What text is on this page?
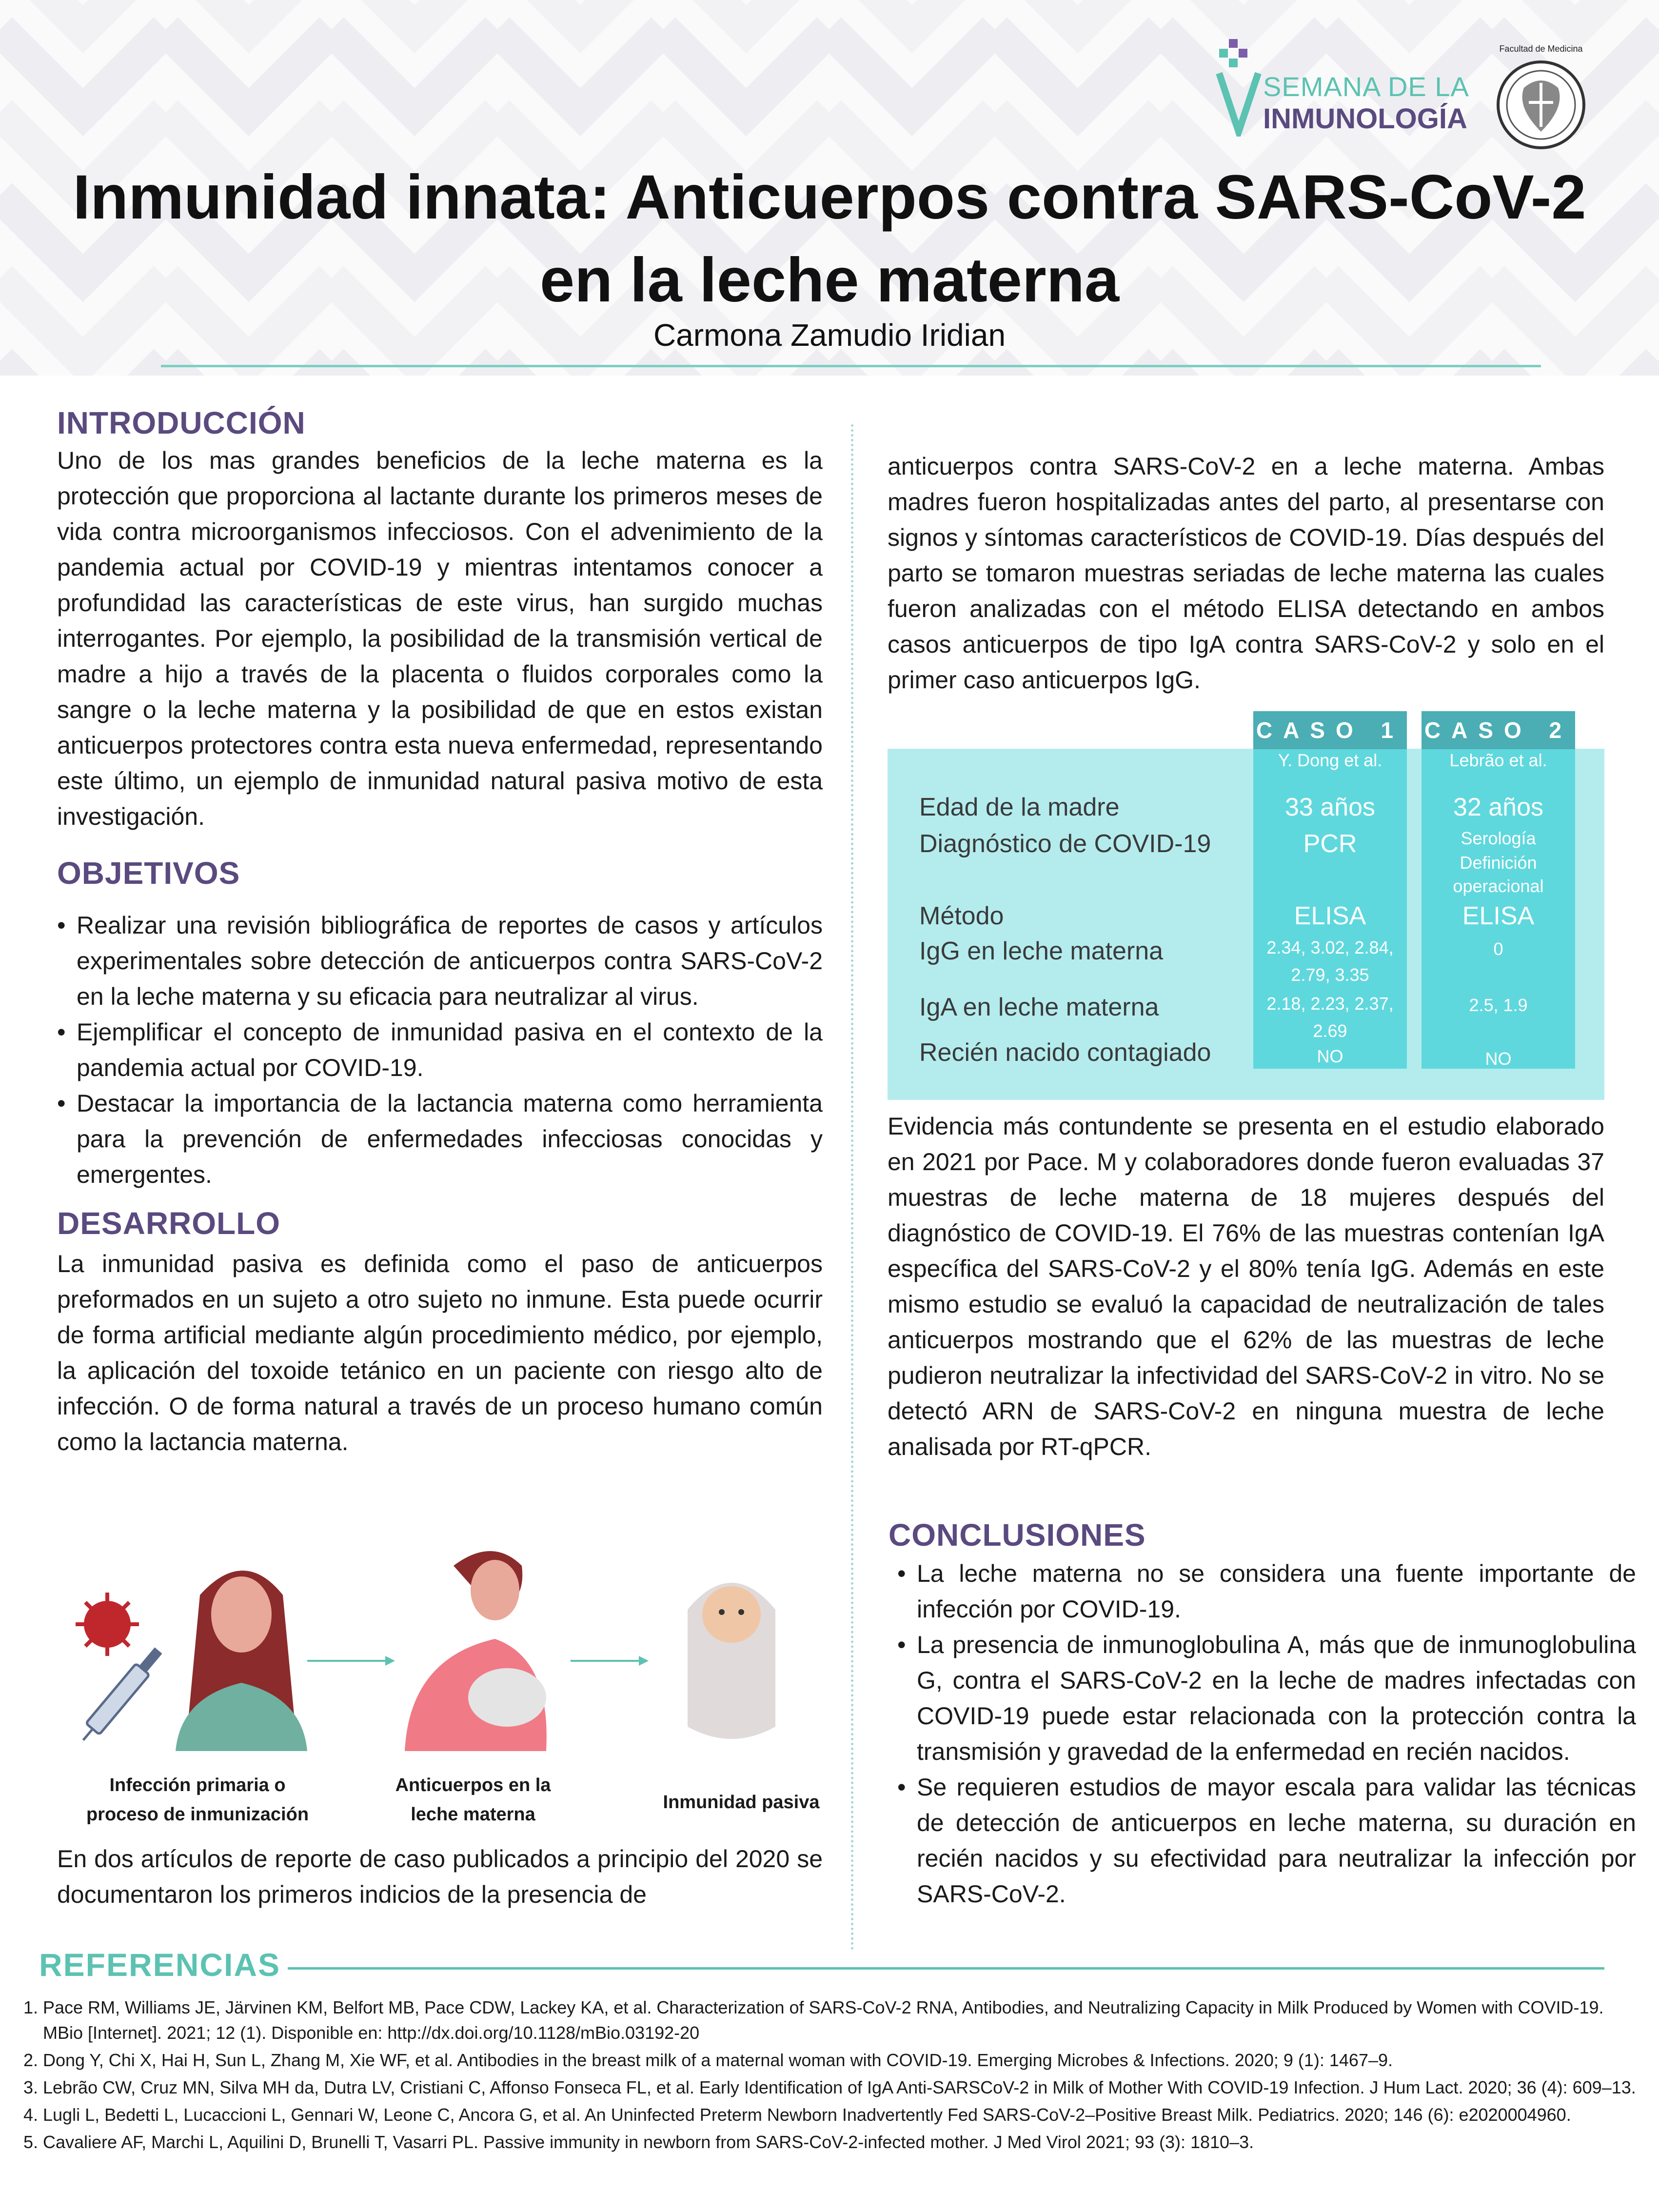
SEMANA DE LA
INMUNOLOGÍA
Facultad de Medicina
Inmunidad innata: Anticuerpos contra SARS-CoV-2
en la leche materna
Carmona Zamudio Iridian
INTRODUCCIÓN
Uno de los mas grandes beneficios de la leche materna es la protección que proporciona al lactante durante los primeros meses de vida contra microorganismos infecciosos. Con el advenimiento de la pandemia actual por COVID-19 y mientras intentamos conocer a profundidad las características de este virus, han surgido muchas interrogantes. Por ejemplo, la posibilidad de la transmisión vertical de madre a hijo a través de la placenta o fluidos corporales como la sangre o la leche materna y la posibilidad de que en estos existan anticuerpos protectores contra esta nueva enfermedad, representando este último, un ejemplo de inmunidad natural pasiva motivo de esta investigación.
OBJETIVOS
• Realizar una revisión bibliográfica de reportes de casos y artículos experimentales sobre detección de anticuerpos contra SARS-CoV-2 en la leche materna y su eficacia para neutralizar al virus.
• Ejemplificar el concepto de inmunidad pasiva en el contexto de la pandemia actual por COVID-19.
• Destacar la importancia de la lactancia materna como herramienta para la prevención de enfermedades infecciosas conocidas y emergentes.
DESARROLLO
La inmunidad pasiva es definida como el paso de anticuerpos preformados en un sujeto a otro sujeto no inmune. Esta puede ocurrir de forma artificial mediante algún procedimiento médico, por ejemplo, la aplicación del toxoide tetánico en un paciente con riesgo alto de infección. O de forma natural a través de un proceso humano común como la lactancia materna.
Infección primaria o proceso de inmunización
Anticuerpos en la leche materna
Inmunidad pasiva
En dos artículos de reporte de caso publicados a principio del 2020 se documentaron los primeros indicios de la presencia de
anticuerpos contra SARS-CoV-2 en a leche materna. Ambas madres fueron hospitalizadas antes del parto, al presentarse con signos y síntomas característicos de COVID-19. Días después del parto se tomaron muestras seriadas de leche materna las cuales fueron analizadas con el método ELISA detectando en ambos casos anticuerpos de tipo IgA contra SARS-CoV-2 y solo en el primer caso anticuerpos IgG.
CASO 1 CASO 2
Y. Dong et al.	Lebrão et al.
Edad de la madre
Diagnóstico de COVID-19
Método
IgG en leche materna
IgA en leche materna
Recién nacido contagiado
33 años
PCR
ELISA
2.34, 3.02, 2.84, 2.79, 3.35
2.18, 2.23, 2.37, 2.69
NO
32 años
Serología
Definición operacional
ELISA
0
2.5, 1.9
NO
Evidencia más contundente se presenta en el estudio elaborado en 2021 por Pace. M y colaboradores donde fueron evaluadas 37 muestras de leche materna de 18 mujeres después del diagnóstico de COVID-19. El 76% de las muestras contenían IgA específica del SARS-CoV-2 y el 80% tenía IgG. Además en este mismo estudio se evaluó la capacidad de neutralización de tales anticuerpos mostrando que el 62% de las muestras de leche pudieron neutralizar la infectividad del SARS-CoV-2 in vitro. No se detectó ARN de SARS-CoV-2 en ninguna muestra de leche analisada por RT-qPCR.
CONCLUSIONES
• La leche materna no se considera una fuente importante de infección por COVID-19.
• La presencia de inmunoglobulina A, más que de inmunoglobulina G, contra el SARS-CoV-2 en la leche de madres infectadas con COVID-19 puede estar relacionada con la protección contra la transmisión y gravedad de la enfermedad en recién nacidos.
• Se requieren estudios de mayor escala para validar las técnicas de detección de anticuerpos en leche materna, su duración en recién nacidos y su efectividad para neutralizar la infección por SARS-CoV-2.
REFERENCIAS
1. Pace RM, Williams JE, Järvinen KM, Belfort MB, Pace CDW, Lackey KA, et al. Characterization of SARS-CoV-2 RNA, Antibodies, and Neutralizing Capacity in Milk Produced by Women with COVID-19. MBio [Internet]. 2021; 12 (1). Disponible en: http://dx.doi.org/10.1128/mBio.03192-20
2. Dong Y, Chi X, Hai H, Sun L, Zhang M, Xie WF, et al. Antibodies in the breast milk of a maternal woman with COVID-19. Emerging Microbes & Infections. 2020; 9 (1): 1467–9.
3. Lebrão CW, Cruz MN, Silva MH da, Dutra LV, Cristiani C, Affonso Fonseca FL, et al. Early Identification of IgA Anti-SARSCoV-2 in Milk of Mother With COVID-19 Infection. J Hum Lact. 2020; 36 (4): 609–13.
4. Lugli L, Bedetti L, Lucaccioni L, Gennari W, Leone C, Ancora G, et al. An Uninfected Preterm Newborn Inadvertently Fed SARS-CoV-2–Positive Breast Milk. Pediatrics. 2020; 146 (6): e2020004960.
5. Cavaliere AF, Marchi L, Aquilini D, Brunelli T, Vasarri PL. Passive immunity in newborn from SARS-CoV-2-infected mother. J Med Virol 2021; 93 (3): 1810–3.
